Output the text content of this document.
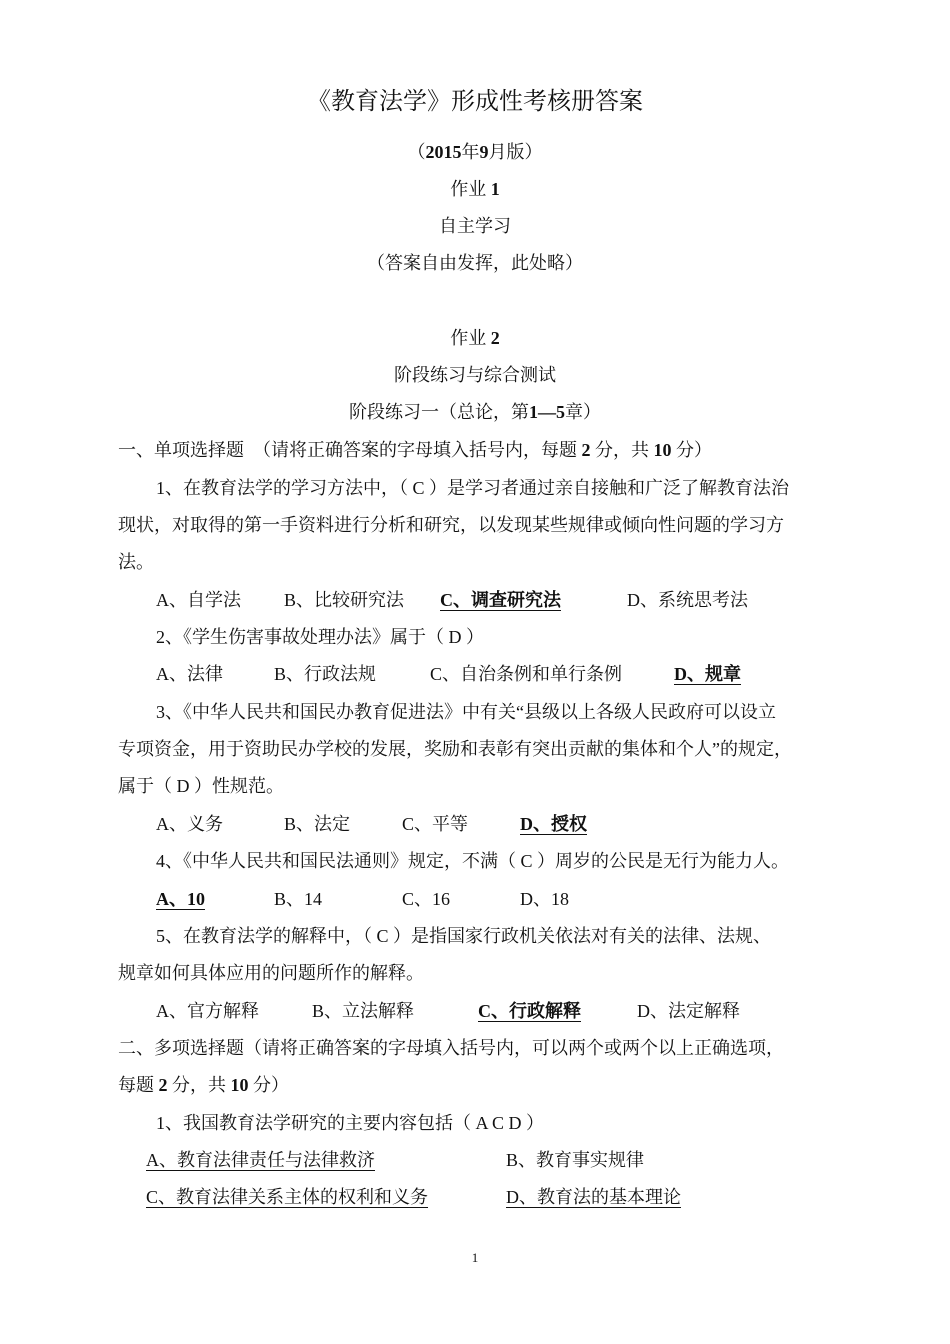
《教育法学》形成性考核册答案
（2015年9月版）
作业 1
自主学习
（答案自由发挥，此处略）
作业 2
阶段练习与综合测试
阶段练习一（总论，第1—5章）
一、单项选择题　（请将正确答案的字母填入括号内，每题 2 分，共 10 分）
1、在教育法学的学习方法中，（ C ）是学习者通过亲自接触和广泛了解教育法治
现状，对取得的第一手资料进行分析和研究，以发现某些规律或倾向性问题的学习方
法。
A、自学法 B、比较研究法 C、调查研究法	D、系统思考法
2、《学生伤害事故处理办法》属于（ D ）
A、法律	B、行政法规	C、自治条例和单行条例	D、规章
3、《中华人民共和国民办教育促进法》中有关“县级以上各级人民政府可以设立
专项资金，用于资助民办学校的发展，奖励和表彰有突出贡献的集体和个人”的规定，
属于（ D ）性规范。
A、义务	B、法定	C、平等	D、授权
4、《中华人民共和国民法通则》规定，不满（ C ）周岁的公民是无行为能力人。
A、10	B、14	C、16	D、18
5、在教育法学的解释中，（ C ）是指国家行政机关依法对有关的法律、法规、
规章如何具体应用的问题所作的解释。
A、官方解释	B、立法解释	C、行政解释	D、法定解释
二、多项选择题（请将正确答案的字母填入括号内，可以两个或两个以上正确选项，
每题 2 分，共 10 分）
1、我国教育法学研究的主要内容包括（ A C D ）
A、教育法律责任与法律救济	B、教育事实规律
C、教育法律关系主体的权利和义务	D、教育法的基本理论
1
